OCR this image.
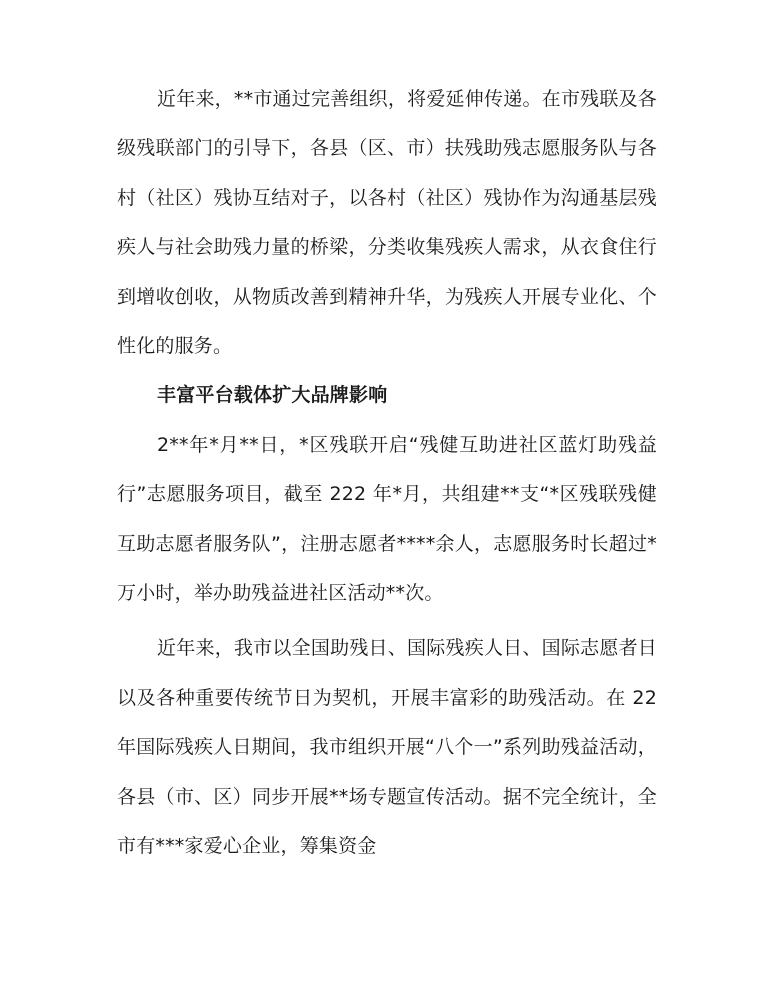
近年来，**市通过完善组织，将爱延伸传递。在市残联及各级残联部门的引导下，各县（区、市）扶残助残志愿服务队与各村（社区）残协互结对子，以各村（社区）残协作为沟通基层残疾人与社会助残力量的桥梁，分类收集残疾人需求，从衣食住行到增收创收，从物质改善到精神升华，为残疾人开展专业化、个性化的服务。

丰富平台载体扩大品牌影响

2**年*月**日，*区残联开启“残健互助进社区蓝灯助残益行”志愿服务项目，截至 222 年*月，共组建**支“*区残联残健互助志愿者服务队”，注册志愿者****余人，志愿服务时长超过*万小时，举办助残益进社区活动**次。

近年来，我市以全国助残日、国际残疾人日、国际志愿者日以及各种重要传统节日为契机，开展丰富彩的助残活动。在 22 年国际残疾人日期间，我市组织开展“八个一”系列助残益活动，各县（市、区）同步开展**场专题宣传活动。据不完全统计，全市有***家爱心企业，筹集资金
